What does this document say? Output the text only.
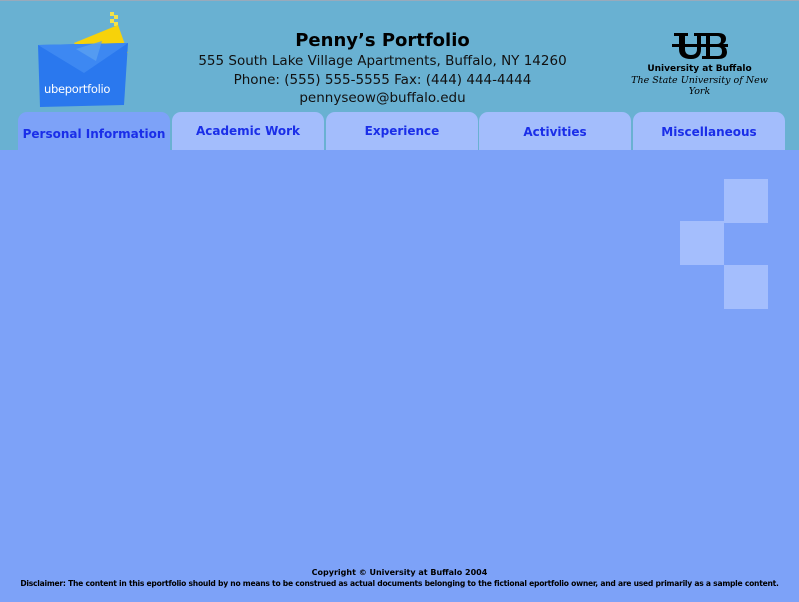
ubeportfolio
Penny’s Portfolio
555 South Lake Village Apartments, Buffalo, NY 14260
Phone: (555) 555-5555 Fax: (444) 444-4444
pennyseow@buffalo.edu
University at Buffalo
The State University of New York
Personal Information	Academic Work	Experience	Activities	Miscellaneous
Copyright © University at Buffalo 2004
Disclaimer: The content in this eportfolio should by no means to be construed as actual documents belonging to the fictional eportfolio owner, and are used primarily as a sample content.
